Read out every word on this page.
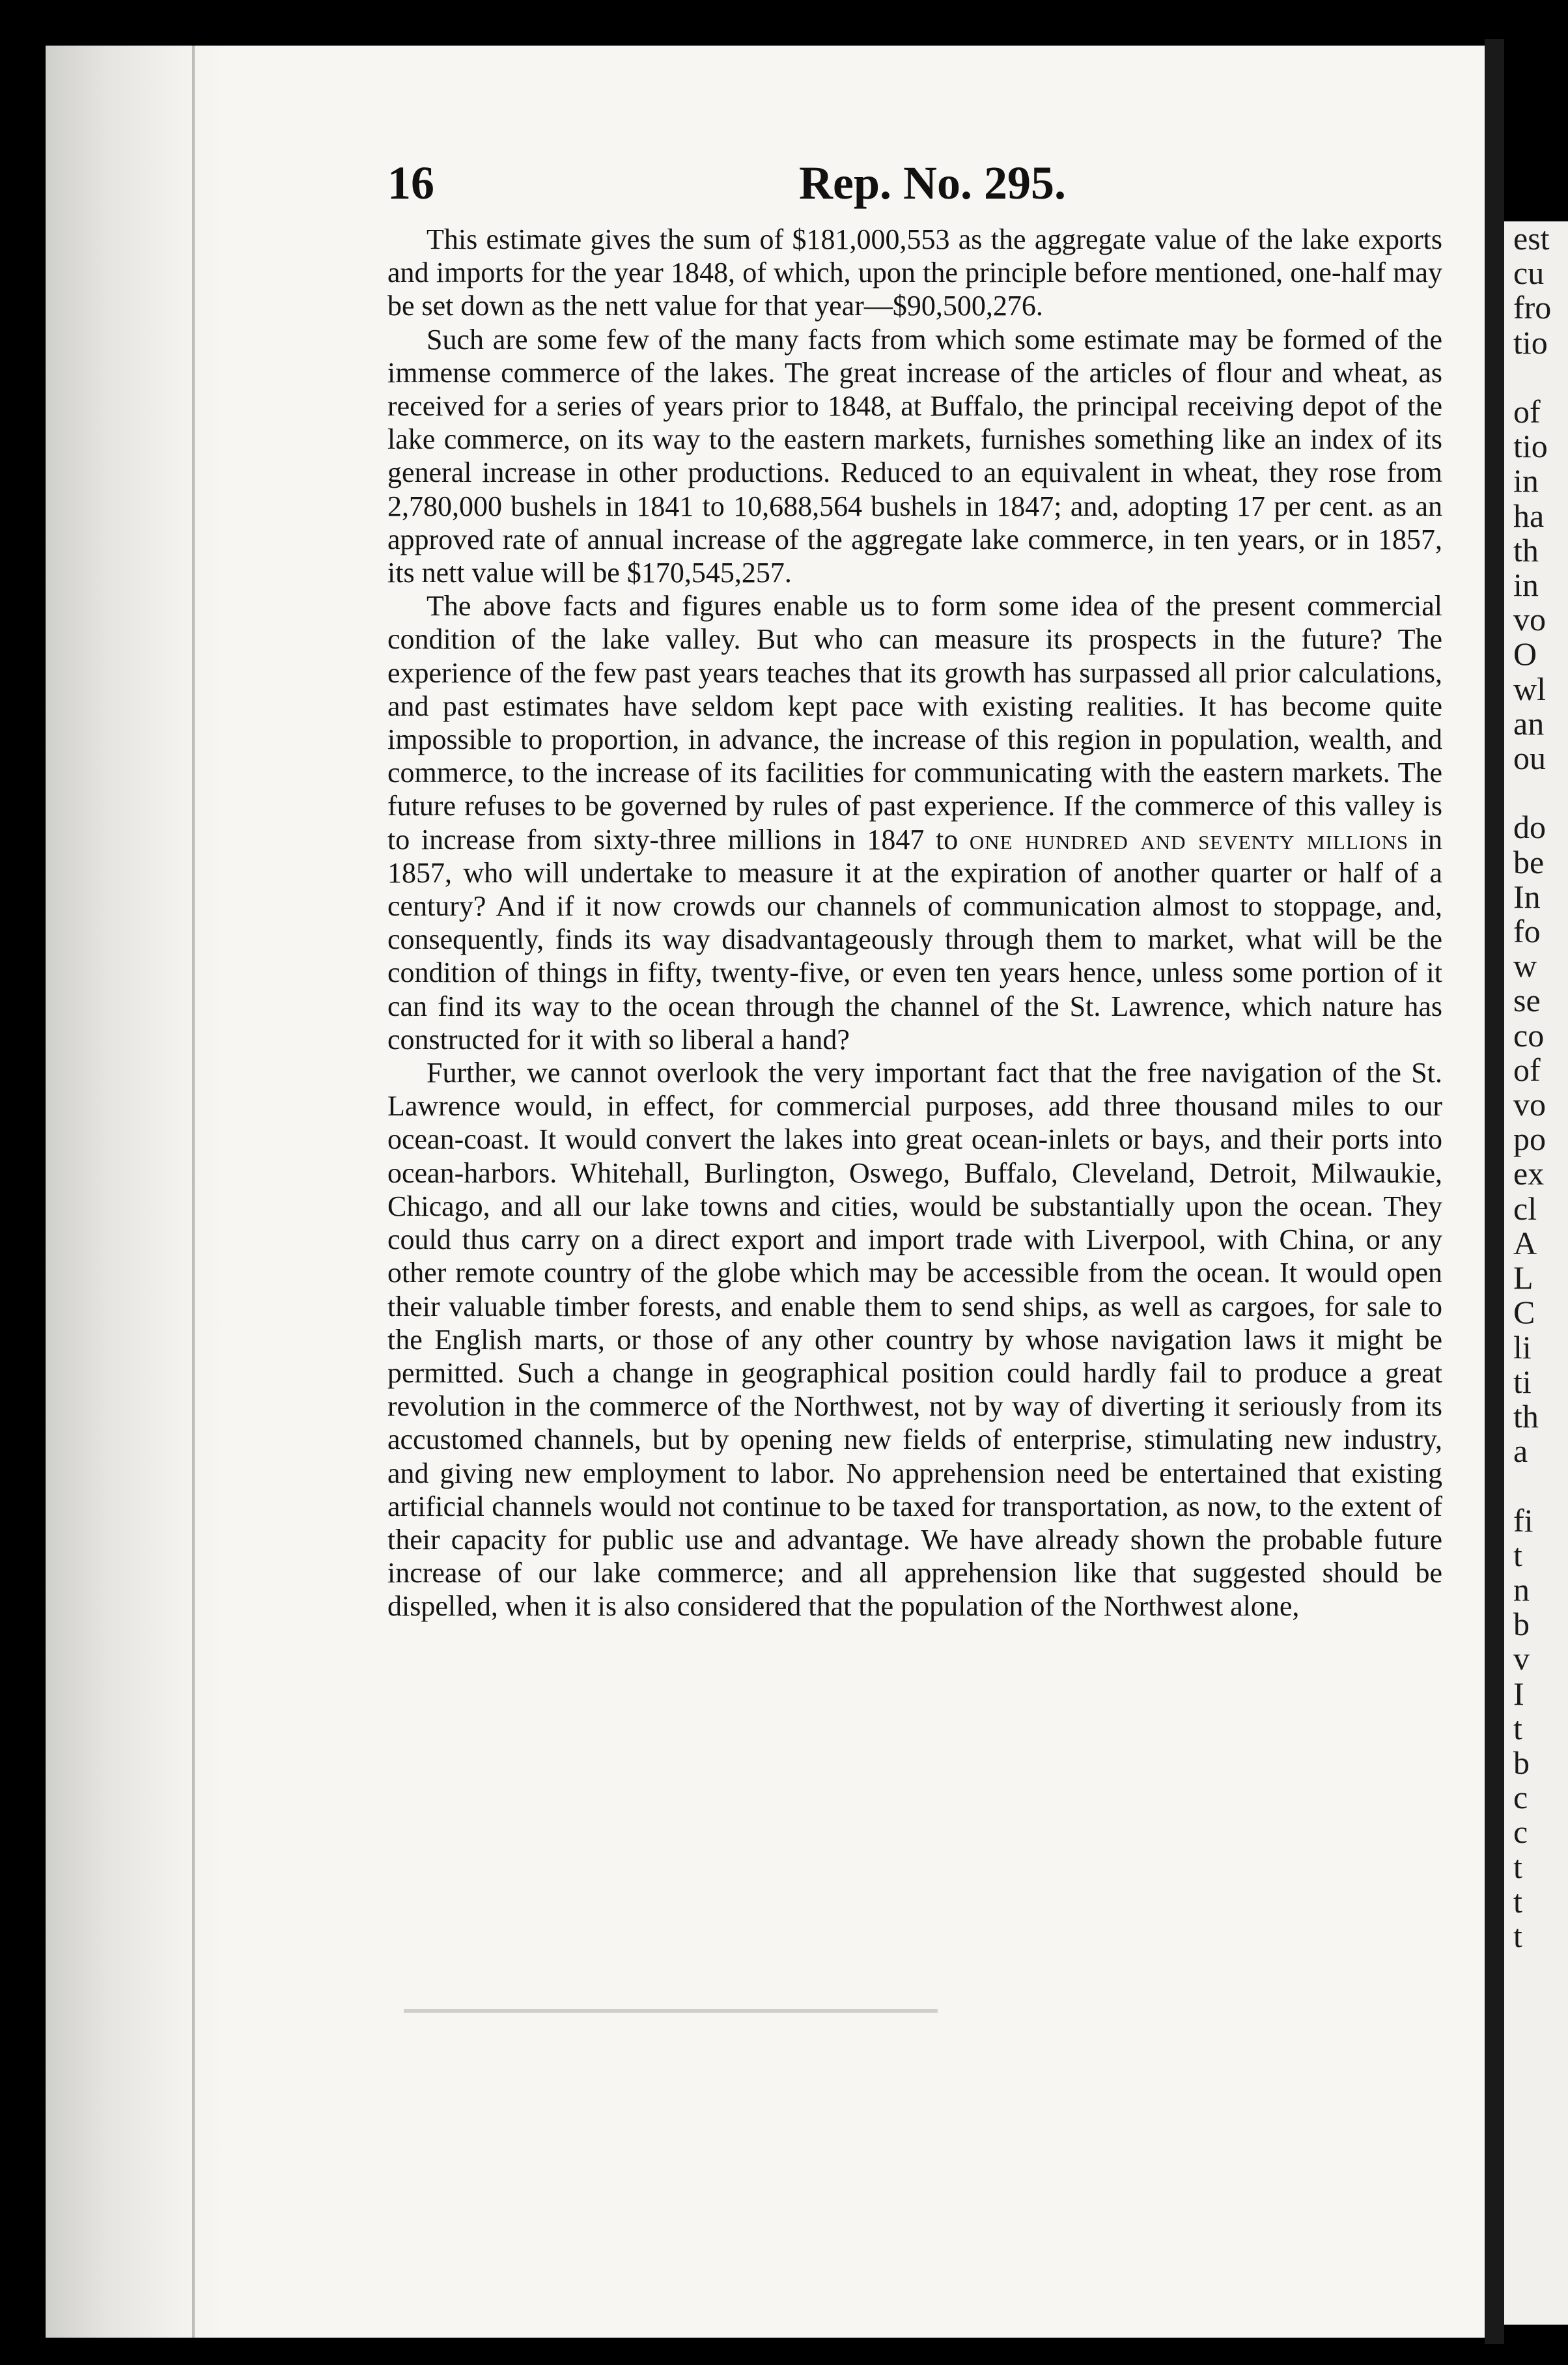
est
cu
fro
tio

of
tio
in
ha
th
in
vo
O
wl
an
ou

do
be
In
fo
w
se
co
of
vo
po
ex
cl
A
L
C
li
ti
th
a

fi
t
n
b
v
I
t
b
c
c
t
t
t
16	Rep. No. 295.

This estimate gives the sum of $181,000,553 as the aggregate value of the lake exports and imports for the year 1848, of which, upon the principle before mentioned, one-half may be set down as the nett value for that year—$90,500,276.

Such are some few of the many facts from which some estimate may be formed of the immense commerce of the lakes. The great increase of the articles of flour and wheat, as received for a series of years prior to 1848, at Buffalo, the principal receiving depot of the lake commerce, on its way to the eastern markets, furnishes something like an index of its general increase in other productions. Reduced to an equivalent in wheat, they rose from 2,780,000 bushels in 1841 to 10,688,564 bushels in 1847; and, adopting 17 per cent. as an approved rate of annual increase of the aggregate lake commerce, in ten years, or in 1857, its nett value will be $170,545,257.

The above facts and figures enable us to form some idea of the present commercial condition of the lake valley. But who can measure its prospects in the future? The experience of the few past years teaches that its growth has surpassed all prior calculations, and past estimates have seldom kept pace with existing realities. It has become quite impossible to proportion, in advance, the increase of this region in population, wealth, and commerce, to the increase of its facilities for communicating with the eastern markets. The future refuses to be governed by rules of past experience. If the commerce of this valley is to increase from sixty-three millions in 1847 to one hundred and seventy millions in 1857, who will undertake to measure it at the expiration of another quarter or half of a century? And if it now crowds our channels of communication almost to stoppage, and, consequently, finds its way disadvantageously through them to market, what will be the condition of things in fifty, twenty-five, or even ten years hence, unless some portion of it can find its way to the ocean through the channel of the St. Lawrence, which nature has constructed for it with so liberal a hand?

Further, we cannot overlook the very important fact that the free navigation of the St. Lawrence would, in effect, for commercial purposes, add three thousand miles to our ocean-coast. It would convert the lakes into great ocean-inlets or bays, and their ports into ocean-harbors. Whitehall, Burlington, Oswego, Buffalo, Cleveland, Detroit, Milwaukie, Chicago, and all our lake towns and cities, would be substantially upon the ocean. They could thus carry on a direct export and import trade with Liverpool, with China, or any other remote country of the globe which may be accessible from the ocean. It would open their valuable timber forests, and enable them to send ships, as well as cargoes, for sale to the English marts, or those of any other country by whose navigation laws it might be permitted. Such a change in geographical position could hardly fail to produce a great revolution in the commerce of the Northwest, not by way of diverting it seriously from its accustomed channels, but by opening new fields of enterprise, stimulating new industry, and giving new employment to labor. No apprehension need be entertained that existing artificial channels would not continue to be taxed for transportation, as now, to the extent of their capacity for public use and advantage. We have already shown the probable future increase of our lake commerce; and all apprehension like that suggested should be dispelled, when it is also considered that the population of the Northwest alone,
